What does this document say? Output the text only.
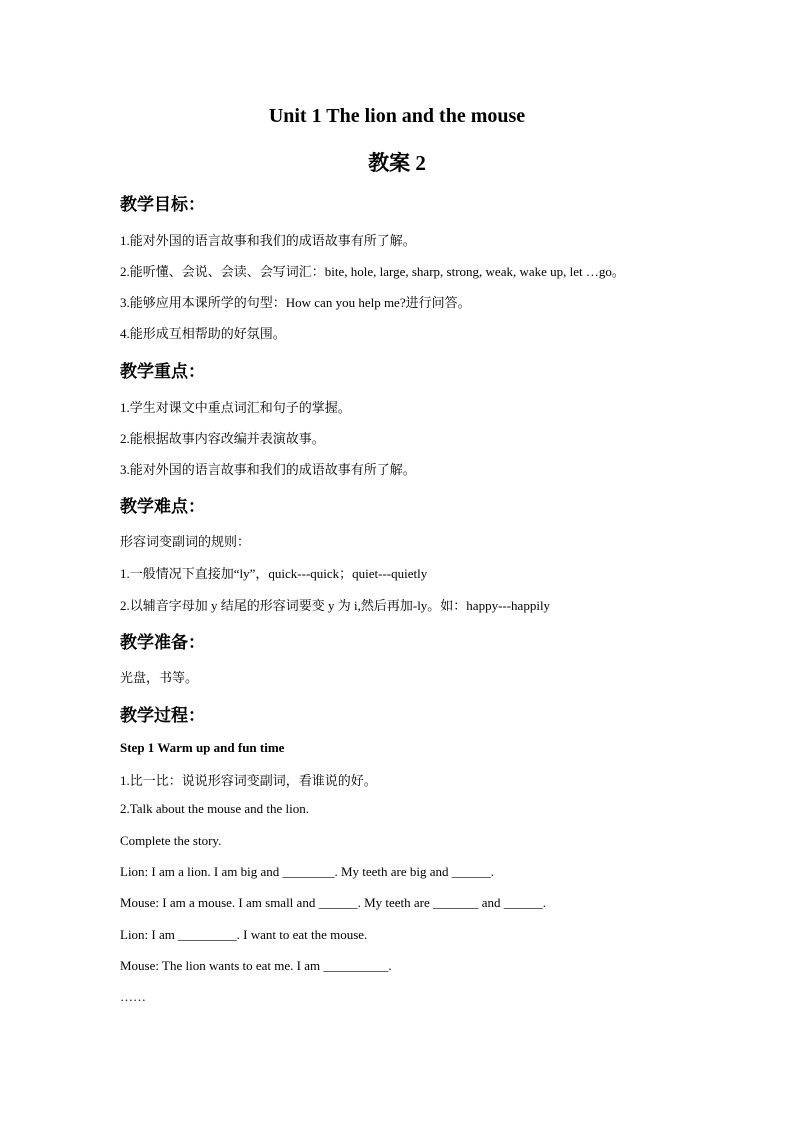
Unit 1 The lion and the mouse
教案 2
教学目标：
1.能对外国的语言故事和我们的成语故事有所了解。
2.能听懂、会说、会读、会写词汇：bite, hole, large, sharp, strong, weak, wake up, let …go。
3.能够应用本课所学的句型：How can you help me?进行问答。
4.能形成互相帮助的好氛围。
教学重点：
1.学生对课文中重点词汇和句子的掌握。
2.能根据故事内容改编并表演故事。
3.能对外国的语言故事和我们的成语故事有所了解。
教学难点：
形容词变副词的规则：
1.一般情况下直接加“ly”，quick---quick；quiet---quietly
2.以辅音字母加 y 结尾的形容词要变 y 为 i,然后再加-ly。如：happy---happily
教学准备：
光盘，书等。
教学过程：
Step 1 Warm up and fun time
1.比一比：说说形容词变副词，看谁说的好。
2.Talk about the mouse and the lion.
Complete the story.
Lion: I am a lion. I am big and ________. My teeth are big and ______.
Mouse: I am a mouse. I am small and ______. My teeth are _______ and ______.
Lion: I am _________. I want to eat the mouse.
Mouse: The lion wants to eat me. I am __________.
……
